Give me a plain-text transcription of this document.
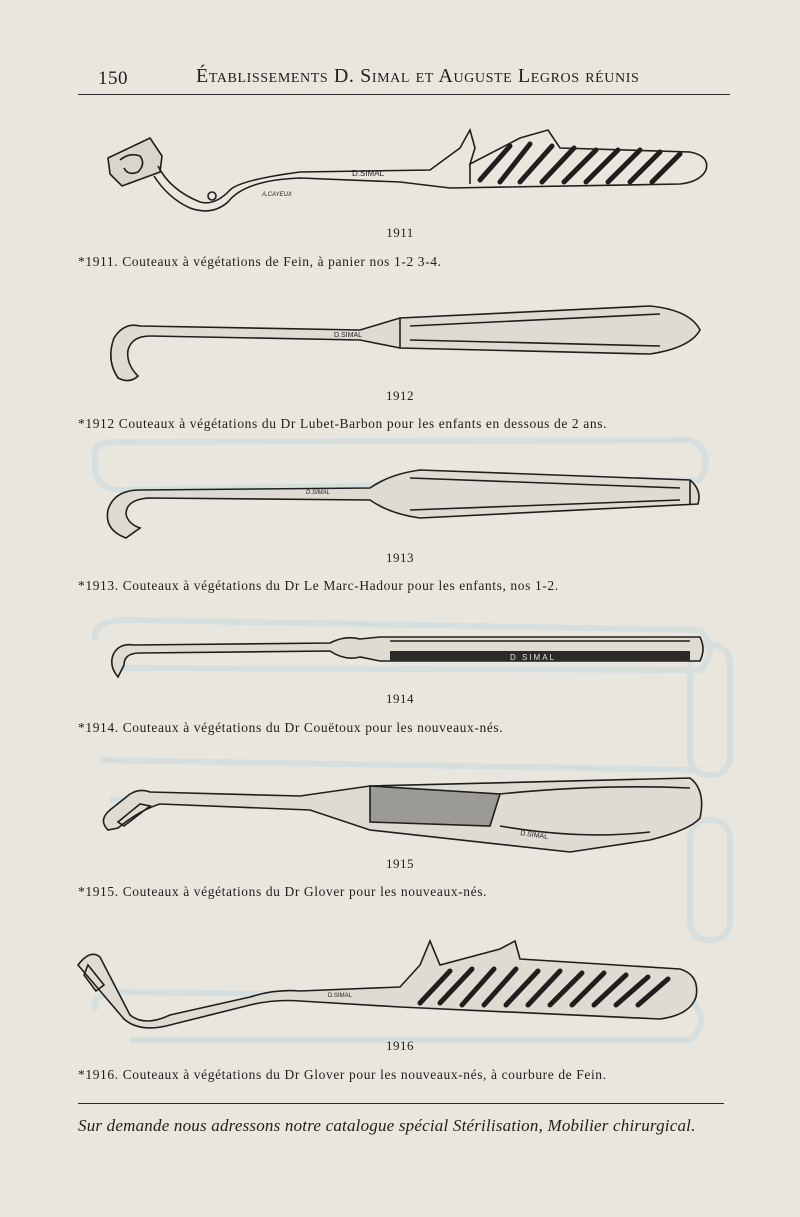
150	Établissements D. Simal et Auguste Legros réunis
D.SIMAL
A.CAYEUX
1911
*1911. Couteaux à végétations de Fein, à panier nos 1-2 3-4.
D.SIMAL
1912
*1912 Couteaux à végétations du Dr Lubet-Barbon pour les enfants en dessous de 2 ans.
D.SIMAL
1913
*1913. Couteaux à végétations du Dr Le Marc-Hadour pour les enfants, nos 1-2.
D SIMAL
1914
*1914. Couteaux à végétations du Dr Couëtoux pour les nouveaux-nés.
D.SIMAL
1915
*1915. Couteaux à végétations du Dr Glover pour les nouveaux-nés.
D.SIMAL
1916
*1916. Couteaux à végétations du Dr Glover pour les nouveaux-nés, à courbure de Fein.
Sur demande nous adressons notre catalogue spécial Stérilisation, Mobilier chirurgical.
